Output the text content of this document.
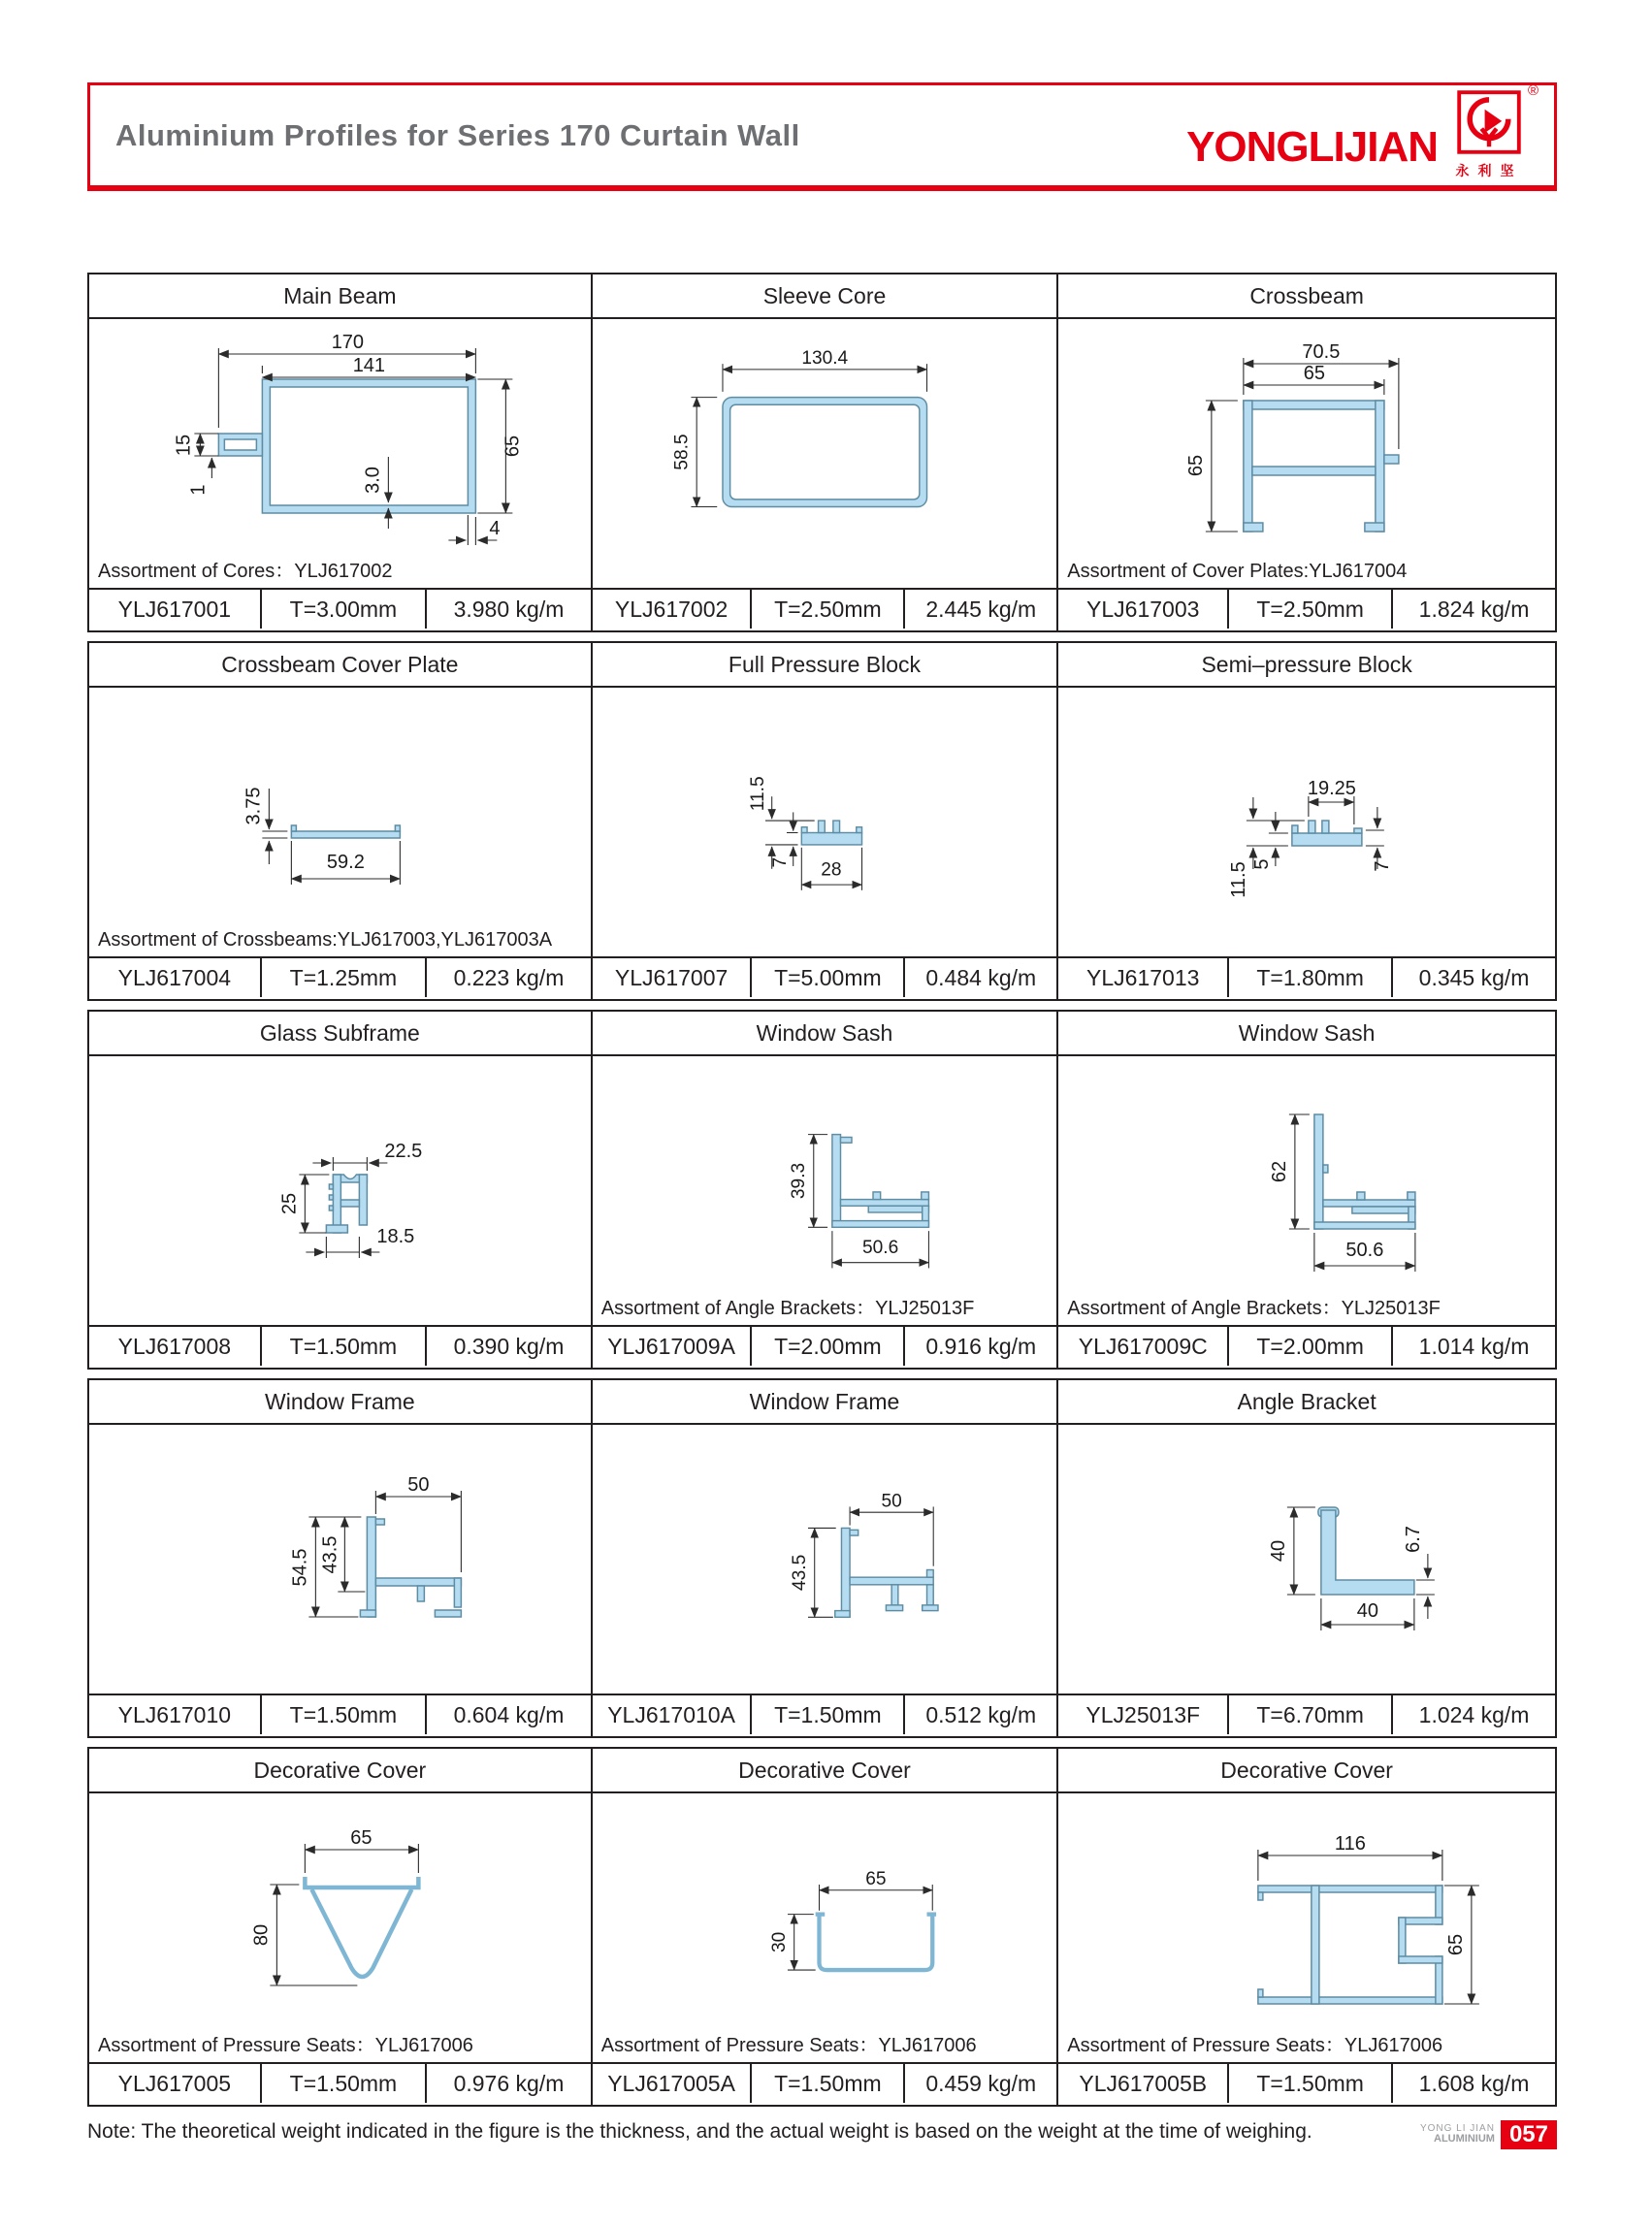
Aluminium Profiles for Series 170 Curtain Wall	YONGLIJIAN
®
永利坚
Main Beam
170
141
15
1	3.0
65
4
Assortment of Cores：YLJ617002
YLJ617001	T=3.00mm	3.980 kg/m
Sleeve Core
130.4
58.5
YLJ617002	T=2.50mm	2.445 kg/m
Crossbeam
70.5
65
65
Assortment of Cover Plates:YLJ617004
YLJ617003	T=2.50mm	1.824 kg/m
Crossbeam Cover Plate
3.75
59.2
Assortment of Crossbeams:YLJ617003,YLJ617003A
YLJ617004	T=1.25mm	0.223 kg/m
Full Pressure Block
11.5
7 28
YLJ617007	T=5.00mm	0.484 kg/m
Semi–pressure Block
19.25
11.5 5	7
YLJ617013	T=1.80mm	0.345 kg/m
Glass Subframe
22.5
25
18.5
YLJ617008	T=1.50mm	0.390 kg/m
Window Sash
39.3
50.6
Assortment of Angle Brackets：YLJ25013F
YLJ617009A	T=2.00mm	0.916 kg/m
Window Sash
62
50.6
Assortment of Angle Brackets：YLJ25013F
YLJ617009C	T=2.00mm	1.014 kg/m
Window Frame
50
54.5 43.5
YLJ617010	T=1.50mm	0.604 kg/m
Window Frame
50
43.5
YLJ617010A	T=1.50mm	0.512 kg/m
Angle Bracket
40
40
6.7
YLJ25013F	T=6.70mm	1.024 kg/m
Decorative Cover
65
80
Assortment of Pressure Seats：YLJ617006
YLJ617005	T=1.50mm	0.976 kg/m
Decorative Cover
65
30
Assortment of Pressure Seats：YLJ617006
YLJ617005A	T=1.50mm	0.459 kg/m
Decorative Cover
116
65
Assortment of Pressure Seats：YLJ617006
YLJ617005B	T=1.50mm	1.608 kg/m
Note: The theoretical weight indicated in the figure is the thickness, and the actual weight is based on the weight at the time of weighing.	YONG LI JIAN
ALUMINIUM 057
